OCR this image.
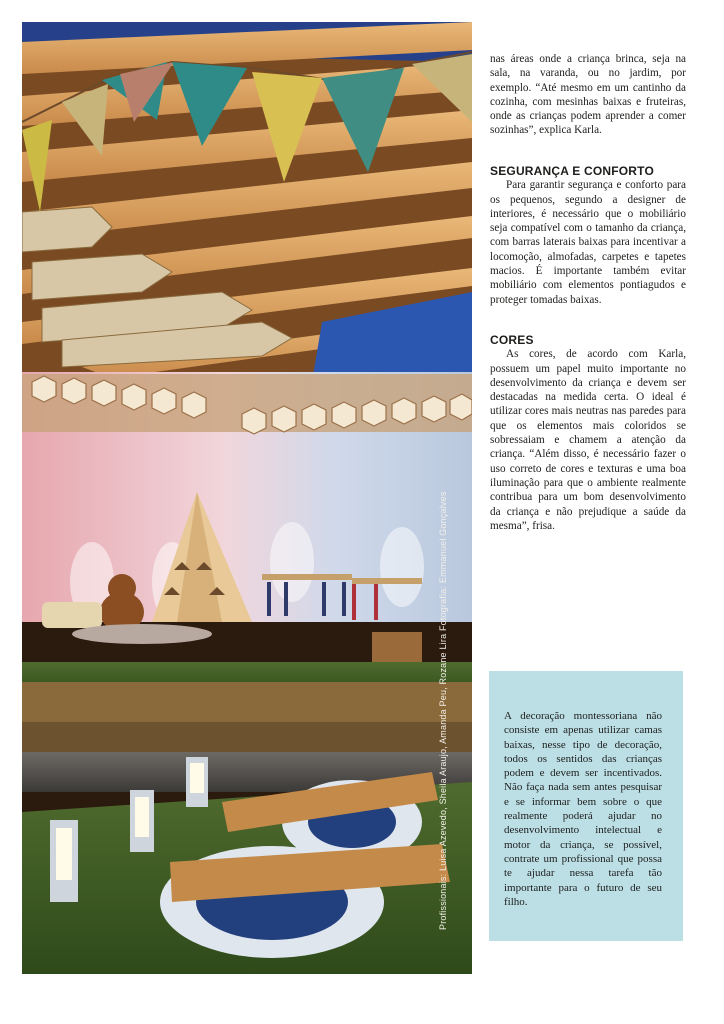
Profissionais: Luisa Azevedo, Sheila Araujo, Amanda Peu, Rozane Lira Fotografia: Emmanuel Gonçalves

nas áreas onde a criança brinca, seja na sala, na varanda, ou no jardim, por exemplo. “Até mesmo em um cantinho da cozinha, com mesinhas baixas e fruteiras, onde as crianças podem aprender a comer sozinhas”, explica Karla.

SEGURANÇA E CONFORTO

Para garantir segurança e conforto para os pequenos, segundo a designer de interiores, é necessário que o mobiliário seja compatível com o tamanho da criança, com barras laterais baixas para incentivar a locomoção, almofadas, carpetes e tapetes macios. É importante também evitar mobiliário com elementos pontiagudos e proteger tomadas baixas.

CORES

As cores, de acordo com Karla, possuem um papel muito importante no desenvolvimento da criança e devem ser destacadas na medida certa. O ideal é utilizar cores mais neutras nas paredes para que os elementos mais coloridos se sobressaiam e chamem a atenção da criança. “Além disso, é necessário fazer o uso correto de cores e texturas e uma boa iluminação para que o ambiente realmente contribua para um bom desenvolvimento da criança e não prejudique a saúde da mesma”, frisa.

A decoração montessoriana não consiste em apenas utilizar camas baixas, nesse tipo de decoração, todos os sentidos das crianças podem e devem ser incentivados. Não faça nada sem antes pesquisar e se informar bem sobre o que realmente poderá ajudar no desenvolvimento intelectual e motor da criança, se possível, contrate um profissional que possa te ajudar nessa tarefa tão importante para o futuro de seu filho.
